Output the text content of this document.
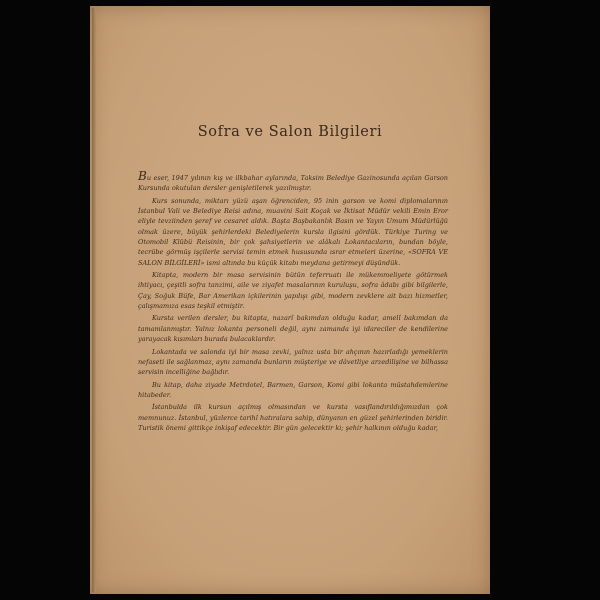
Sofra ve Salon Bilgileri

Bu eser, 1947 yılının kış ve ilkbahar aylarında, Taksim Belediye Gazinosunda açılan Garson Kursunda okutulan dersler genişletilerek yazılmıştır.

Kurs sonunda, miktarı yüzü aşan öğrenciden, 95 inin garson ve komi diplomalarının İstanbul Vali ve Belediye Reisi adına, muavini Sait Koçak ve İktisat Müdür vekili Emin Eror eliyle tevziinden şeref ve cesaret aldık. Başta Başbakanlık Basın ve Yayın Umum Müdürlüğü olmak üzere, büyük şehirlerdeki Belediyelerin kursla ilgisini gördük. Türkiye Turing ve Otomobil Klübü Reisinin, bir çok şahsiyetlerin ve alâkalı Lokantacıların, bundan böyle, tecrübe görmüş işçilerle servisi temin etmek hususunda ısrar etmeleri üzerine, «SOFRA VE SALON BİLGİLERİ» ismi altında bu küçük kitabı meydana getirmeyi düşündük.

Kitapta, modern bir masa servisinin bütün teferruatı ile mükemmeliyete götürmek ihtiyacı, çeşitli sofra tanzimi, aile ve ziyafet masalarının kuruluşu, sofra âdabı gibi bilgilerle, Çay, Soğuk Büfe, Bar Amerikan içkilerinin yapılışı gibi, modern zevklere ait bazı hizmetler, çalışmamıza esas teşkil etmiştir.

Kursta verilen dersler, bu kitapta, nazarî bakımdan olduğu kadar, amelî bakımdan da tamamlanmıştır. Yalnız lokanta personeli değil, aynı zamanda iyi idareciler de kendilerine yarayacak kısımları burada bulacaklardır.

Lokantada ve salonda iyi bir masa zevki, yalnız usta bir ahçının hazırladığı yemeklerin nefaseti ile sağlanmaz, aynı zamanda bunların müşteriye ve dâvetliye arzedilişine ve bilhassa servisin incelliğine bağlıdır.

Bu kitap, daha ziyade Metrdotel, Barmen, Garson, Komi gibi lokanta müstahdemlerine hitabeder.

İstanbulda ilk kursun açılmış olmasından ve kursta vasıflandırıldığımızdan çok memnunuz. İstanbul, yüzlerce tarihî hatıralara sahip, dünyanın en güzel şehirlerinden biridir. Turistik önemi gittikçe inkişaf edecektir. Bir gün gelecektir ki; şehir halkının olduğu kadar,
